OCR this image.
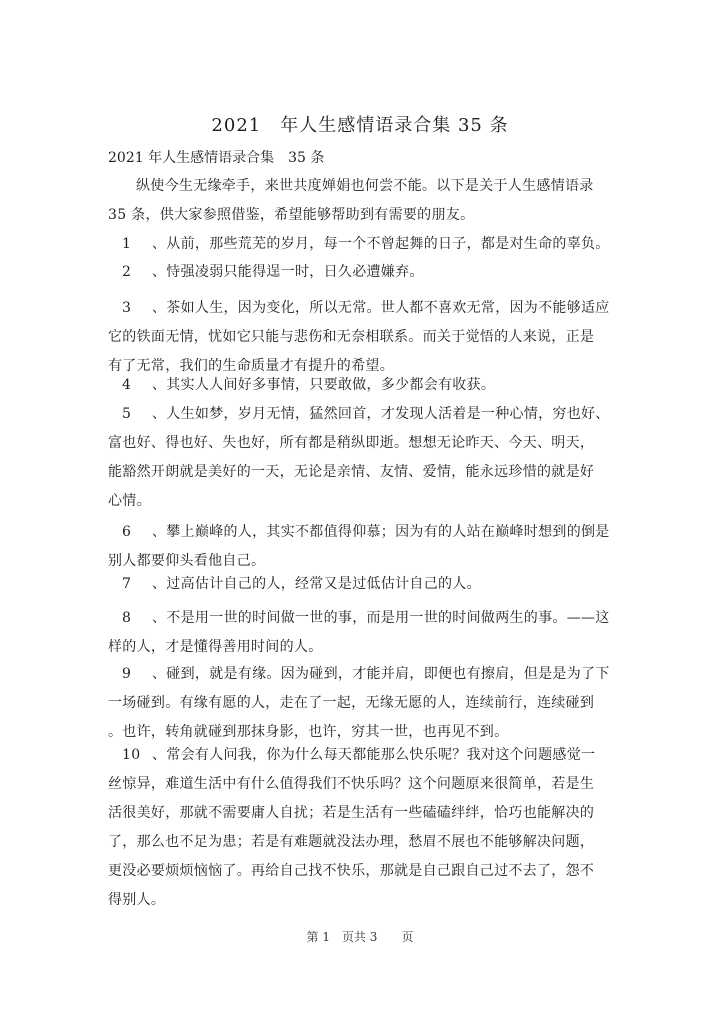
2021　年人生感情语录合集 35 条
2021 年人生感情语录合集　35 条
纵使今生无缘牵手，来世共度婵娟也何尝不能。以下是关于人生感情语录
35 条，供大家参照借鉴，希望能够帮助到有需要的朋友。
1 、从前，那些荒芜的岁月，每一个不曾起舞的日子，都是对生命的辜负。
2 、恃强凌弱只能得逞一时，日久必遭嫌弃。
3 、茶如人生，因为变化，所以无常。世人都不喜欢无常，因为不能够适应
它的铁面无情，忧如它只能与悲伤和无奈相联系。而关于觉悟的人来说，正是
有了无常，我们的生命质量才有提升的希望。
4 、其实人人间好多事情，只要敢做，多少都会有收获。
5 、人生如梦，岁月无情，猛然回首，才发现人活着是一种心情，穷也好、
富也好、得也好、失也好，所有都是稍纵即逝。想想无论昨天、今天、明天，
能豁然开朗就是美好的一天，无论是亲情、友情、爱情，能永远珍惜的就是好
心情。
6 、攀上巅峰的人，其实不都值得仰慕；因为有的人站在巅峰时想到的倒是
别人都要仰头看他自己。
7 、过高估计自己的人，经常又是过低估计自己的人。
8 、不是用一世的时间做一世的事，而是用一世的时间做两生的事。——这
样的人，才是懂得善用时间的人。
9 、碰到，就是有缘。因为碰到，才能并肩，即便也有擦肩，但是是为了下
一场碰到。有缘有愿的人，走在了一起，无缘无愿的人，连续前行，连续碰到
。也许，转角就碰到那抹身影，也许，穷其一世，也再见不到。
10 、常会有人问我，你为什么每天都能那么快乐呢？我对这个问题感觉一
丝惊异，难道生活中有什么值得我们不快乐吗？这个问题原来很简单，若是生
活很美好，那就不需要庸人自扰；若是生活有一些磕磕绊绊，恰巧也能解决的
了，那么也不足为患；若是有难题就没法办理，愁眉不展也不能够解决问题，
更没必要烦烦恼恼了。再给自己找不快乐，那就是自己跟自己过不去了，怨不
得别人。
第 1　页共 3　　页
